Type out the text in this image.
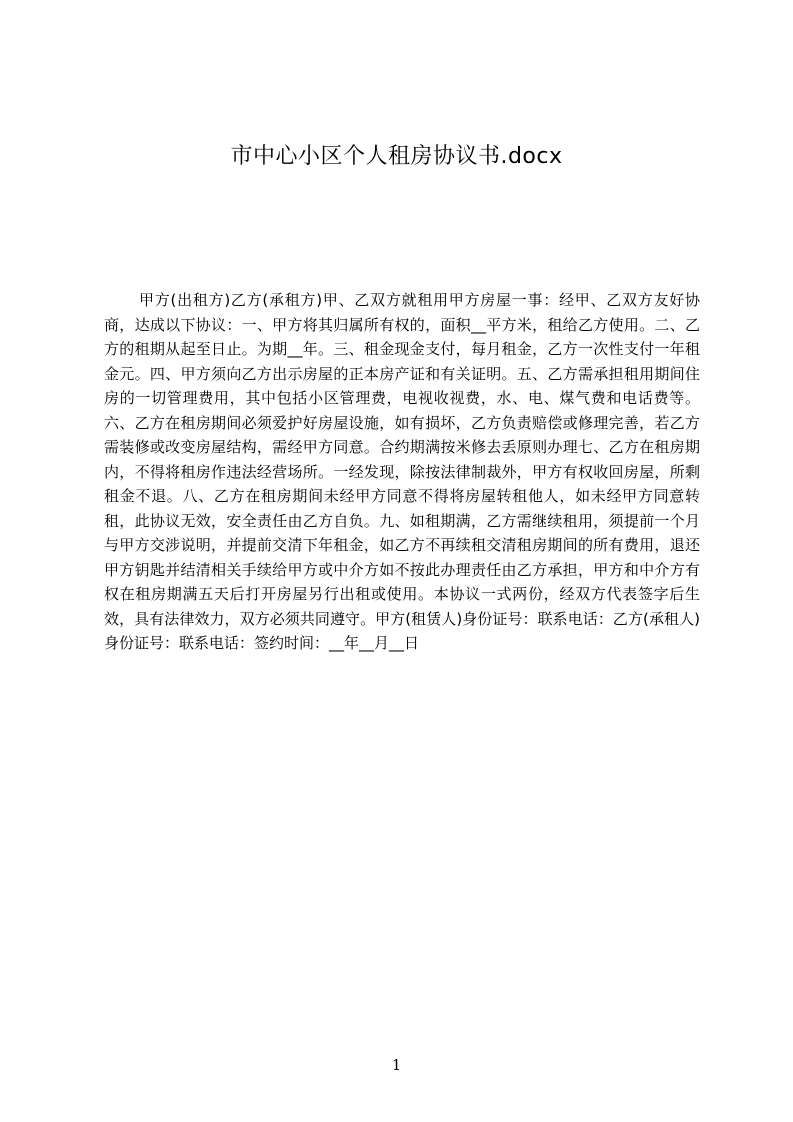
市中心小区个人租房协议书.docx

甲方(出租方)乙方(承租方)甲、乙双方就租用甲方房屋一事：经甲、乙双方友好协商，达成以下协议：一、甲方将其归属所有权的，面积__平方米，租给乙方使用。二、乙方的租期从起至日止。为期__年。三、租金现金支付，每月租金，乙方一次性支付一年租金元。四、甲方须向乙方出示房屋的正本房产证和有关证明。五、乙方需承担租用期间住房的一切管理费用，其中包括小区管理费，电视收视费，水、电、煤气费和电话费等。六、乙方在租房期间必须爱护好房屋设施，如有损坏，乙方负责赔偿或修理完善，若乙方需装修或改变房屋结构，需经甲方同意。合约期满按米修去丢原则办理七、乙方在租房期内，不得将租房作违法经营场所。一经发现，除按法律制裁外，甲方有权收回房屋，所剩租金不退。八、乙方在租房期间未经甲方同意不得将房屋转租他人，如未经甲方同意转租，此协议无效，安全责任由乙方自负。九、如租期满，乙方需继续租用，须提前一个月与甲方交涉说明，并提前交清下年租金，如乙方不再续租交清租房期间的所有费用，退还甲方钥匙并结清相关手续给甲方或中介方如不按此办理责任由乙方承担，甲方和中介方有权在租房期满五天后打开房屋另行出租或使用。本协议一式两份，经双方代表签字后生效，具有法律效力，双方必须共同遵守。甲方(租赁人)身份证号：联系电话：乙方(承租人)身份证号：联系电话：签约时间：__年__月__日

1
